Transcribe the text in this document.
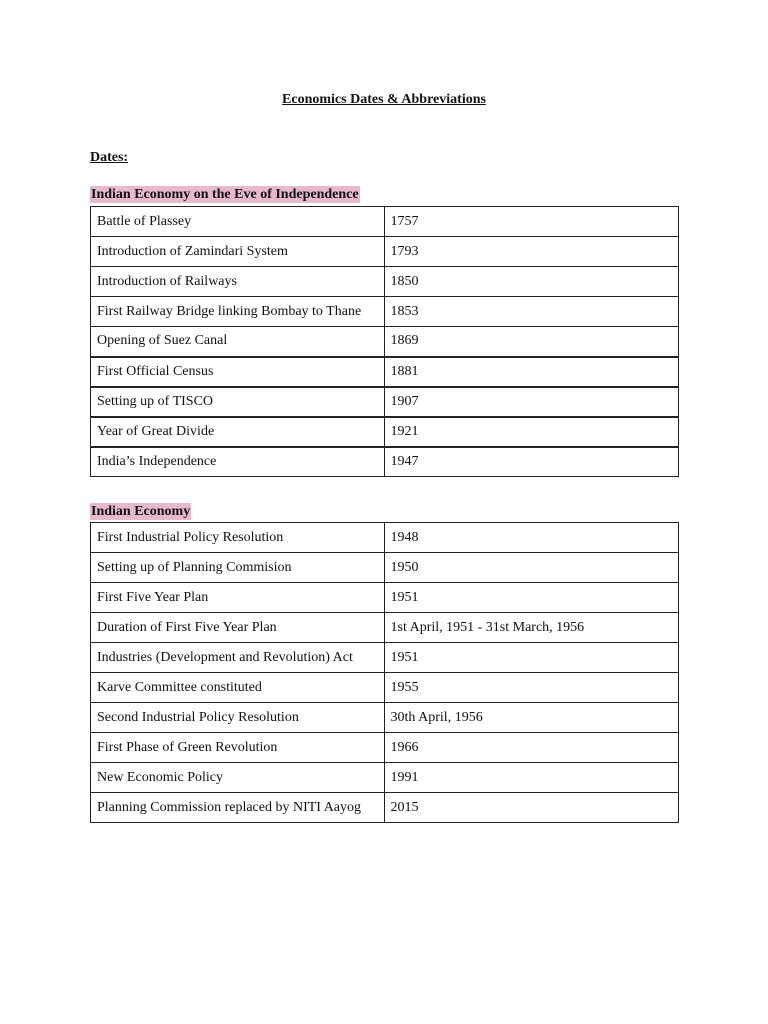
Economics Dates & Abbreviations
Dates:
Indian Economy on the Eve of Independence
Battle of Plassey	1757
Introduction of Zamindari System	1793
Introduction of Railways	1850
First Railway Bridge linking Bombay to Thane	1853
Opening of Suez Canal	1869
First Official Census	1881
Setting up of TISCO	1907
Year of Great Divide	1921
India’s Independence	1947
Indian Economy
First Industrial Policy Resolution	1948
Setting up of Planning Commision	1950
First Five Year Plan	1951
Duration of First Five Year Plan	1st April, 1951 - 31st March, 1956
Industries (Development and Revolution) Act	1951
Karve Committee constituted	1955
Second Industrial Policy Resolution	30th April, 1956
First Phase of Green Revolution	1966
New Economic Policy	1991
Planning Commission replaced by NITI Aayog	2015
